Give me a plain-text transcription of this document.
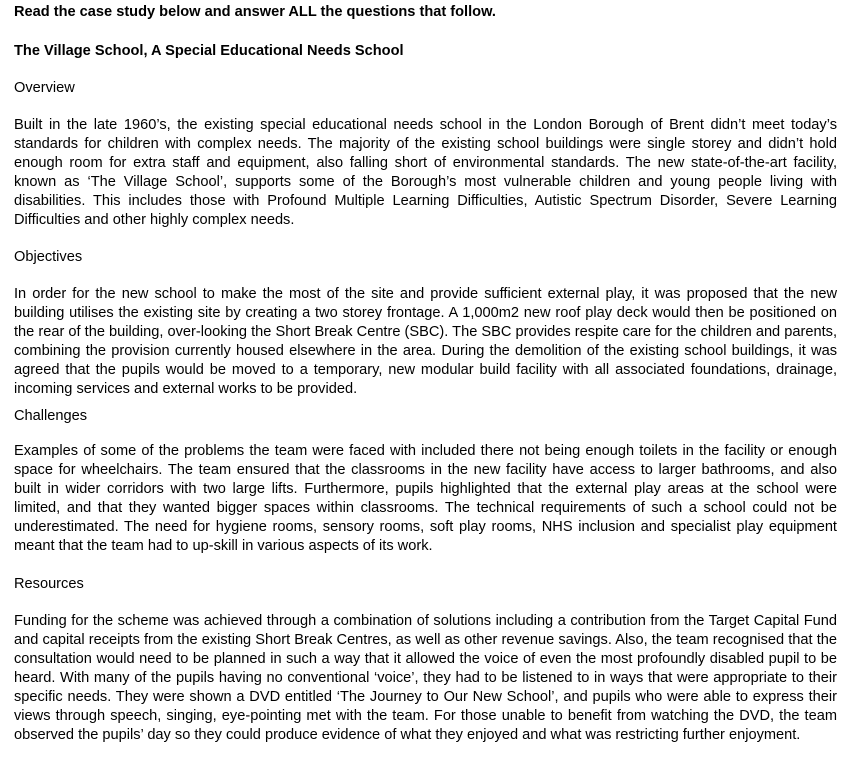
Read the case study below and answer ALL the questions that follow.
The Village School, A Special Educational Needs School
Overview

Built in the late 1960’s, the existing special educational needs school in the London Borough of Brent didn’t meet today’s standards for children with complex needs. The majority of the existing school buildings were single storey and didn’t hold enough room for extra staff and equipment, also falling short of environmental standards. The new state-of-the-art facility, known as ‘The Village School’, supports some of the Borough’s most vulnerable children and young people living with disabilities. This includes those with Profound Multiple Learning Difficulties, Autistic Spectrum Disorder, Severe Learning Difficulties and other highly complex needs.

Objectives

In order for the new school to make the most of the site and provide sufficient external play, it was proposed that the new building utilises the existing site by creating a two storey frontage. A 1,000m2 new roof play deck would then be positioned on the rear of the building, over-looking the Short Break Centre (SBC). The SBC provides respite care for the children and parents, combining the provision currently housed elsewhere in the area. During the demolition of the existing school buildings, it was agreed that the pupils would be moved to a temporary, new modular build facility with all associated foundations, drainage, incoming services and external works to be provided.

Challenges

Examples of some of the problems the team were faced with included there not being enough toilets in the facility or enough space for wheelchairs. The team ensured that the classrooms in the new facility have access to larger bathrooms, and also built in wider corridors with two large lifts. Furthermore, pupils highlighted that the external play areas at the school were limited, and that they wanted bigger spaces within classrooms. The technical requirements of such a school could not be underestimated. The need for hygiene rooms, sensory rooms, soft play rooms, NHS inclusion and specialist play equipment meant that the team had to up-skill in various aspects of its work.

Resources

Funding for the scheme was achieved through a combination of solutions including a contribution from the Target Capital Fund and capital receipts from the existing Short Break Centres, as well as other revenue savings. Also, the team recognised that the consultation would need to be planned in such a way that it allowed the voice of even the most profoundly disabled pupil to be heard. With many of the pupils having no conventional ‘voice’, they had to be listened to in ways that were appropriate to their specific needs. They were shown a DVD entitled ‘The Journey to Our New School’, and pupils who were able to express their views through speech, singing, eye-pointing met with the team. For those unable to benefit from watching the DVD, the team observed the pupils’ day so they could produce evidence of what they enjoyed and what was restricting further enjoyment.
